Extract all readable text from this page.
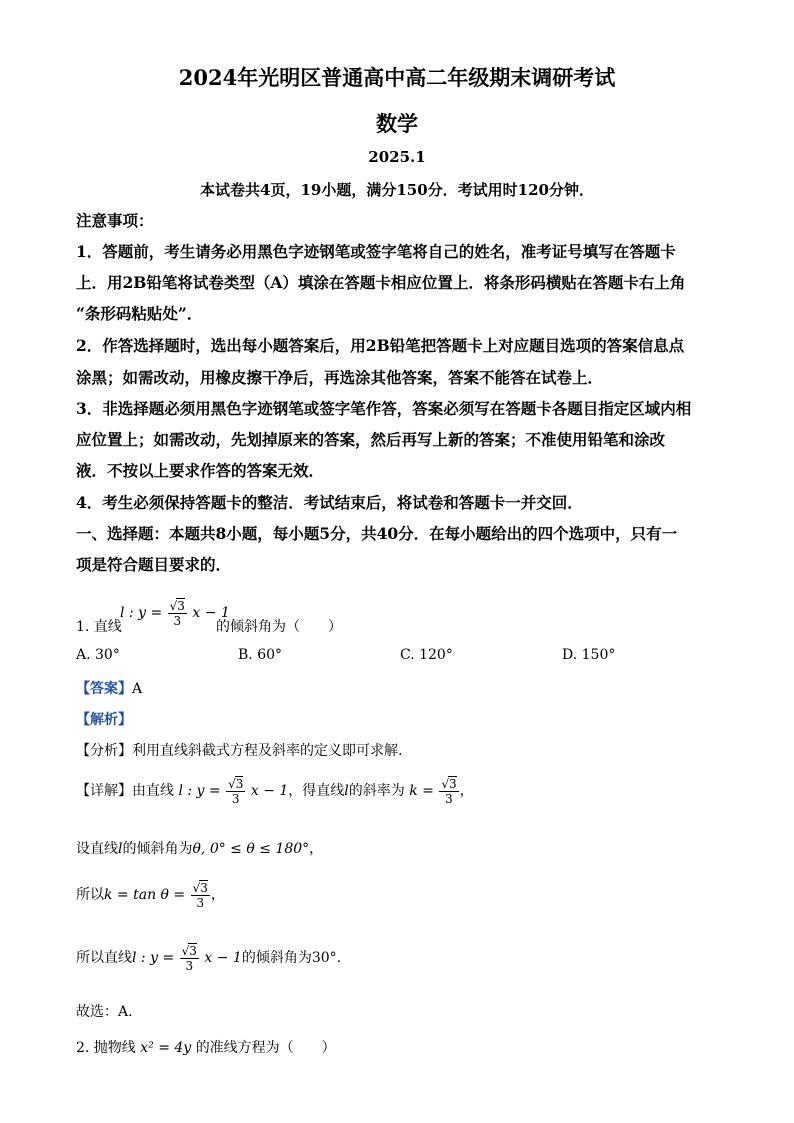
2024年光明区普通高中高二年级期末调研考试
数学
2025.1
本试卷共4页，19小题，满分150分．考试用时120分钟．
注意事项：
1．答题前，考生请务必用黑色字迹钢笔或签字笔将自己的姓名，准考证号填写在答题卡
上．用2B铅笔将试卷类型（A）填涂在答题卡相应位置上．将条形码横贴在答题卡右上角
“条形码粘贴处”．
2．作答选择题时，选出每小题答案后，用2B铅笔把答题卡上对应题目选项的答案信息点
涂黑；如需改动，用橡皮擦干净后，再选涂其他答案，答案不能答在试卷上．
3．非选择题必须用黑色字迹钢笔或签字笔作答，答案必须写在答题卡各题目指定区域内相
应位置上；如需改动，先划掉原来的答案，然后再写上新的答案；不准使用铅笔和涂改
液．不按以上要求作答的答案无效．
4．考生必须保持答题卡的整洁．考试结束后，将试卷和答题卡一并交回．
一、选择题：本题共8小题，每小题5分，共40分．在每小题给出的四个选项中，只有一
项是符合题目要求的．
l : $y = \frac{√3}{3}$ x − 1
1. 直线	的倾斜角为（　　）
A. 30°	B. 60°	C. 120°	D. 150°
【答案】A
【解析】
【分析】利用直线斜截式方程及斜率的定义即可求解.
【详解】由直线 l : $y = \frac{√3}{3}$ x − 1，得直线l的斜率为 $k = \frac{√3}{3}$ ，
设直线l的倾斜角为θ, 0° ≤ θ ≤ 180°，
所以$k = \tan \theta = \frac{√3}{3}$ ，
所以直线l : $y = \frac{√3}{3}$ x − 1的倾斜角为30°.
故选：A.
2. 抛物线 x² = 4y 的准线方程为（　　）
